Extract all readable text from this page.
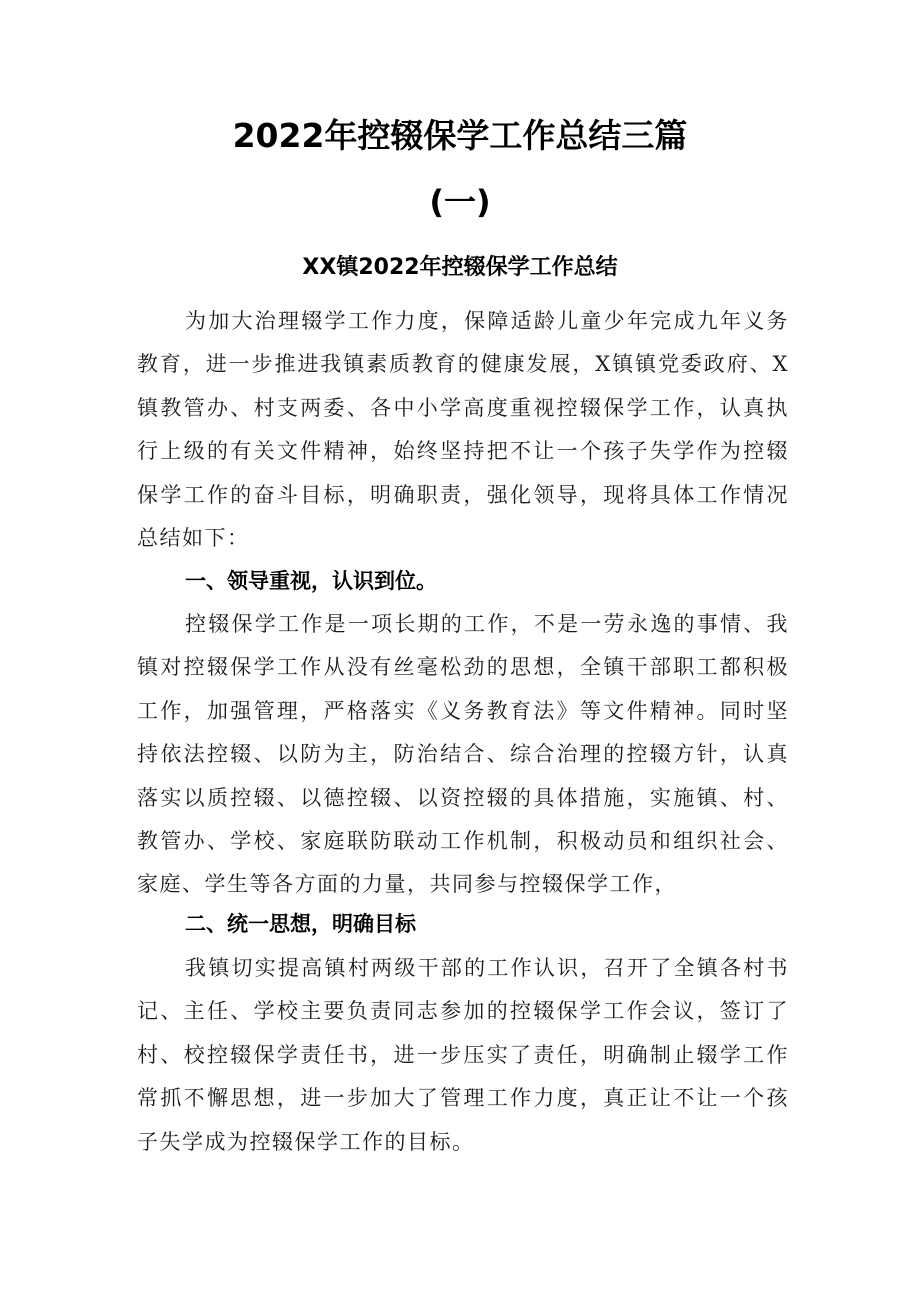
2022年控辍保学工作总结三篇
(一)
XX镇2022年控辍保学工作总结

为加大治理辍学工作力度，保障适龄儿童少年完成九年义务教育，进一步推进我镇素质教育的健康发展，X镇镇党委政府、X镇教管办、村支两委、各中小学高度重视控辍保学工作，认真执行上级的有关文件精神，始终坚持把不让一个孩子失学作为控辍保学工作的奋斗目标，明确职责，强化领导，现将具体工作情况总结如下：

一、领导重视，认识到位。

控辍保学工作是一项长期的工作，不是一劳永逸的事情、我镇对控辍保学工作从没有丝毫松劲的思想，全镇干部职工都积极工作，加强管理，严格落实《义务教育法》等文件精神。同时坚持依法控辍、以防为主，防治结合、综合治理的控辍方针，认真落实以质控辍、以德控辍、以资控辍的具体措施，实施镇、村、教管办、学校、家庭联防联动工作机制，积极动员和组织社会、家庭、学生等各方面的力量，共同参与控辍保学工作，

二、统一思想，明确目标

我镇切实提高镇村两级干部的工作认识，召开了全镇各村书记、主任、学校主要负责同志参加的控辍保学工作会议，签订了村、校控辍保学责任书，进一步压实了责任，明确制止辍学工作常抓不懈思想，进一步加大了管理工作力度，真正让不让一个孩子失学成为控辍保学工作的目标。
